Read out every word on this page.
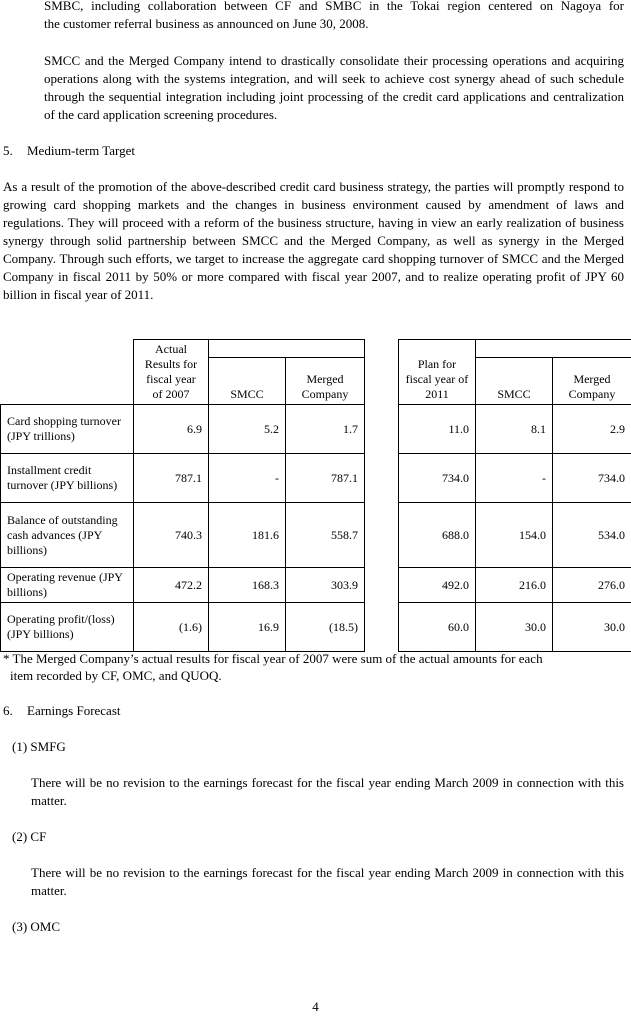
SMBC, including collaboration between CF and SMBC in the Tokai region centered on Nagoya for

the customer referral business as announced on June 30, 2008.

SMCC and the Merged Company intend to drastically consolidate their processing operations and acquiring operations along with the systems integration, and will seek to achieve cost synergy ahead of such schedule through the sequential integration including joint processing of the credit card applications and centralization of the card application screening procedures.

5. Medium-term Target

As a result of the promotion of the above-described credit card business strategy, the parties will promptly respond to growing card shopping markets and the changes in business environment caused by amendment of laws and regulations. They will proceed with a reform of the business structure, having in view an early realization of business synergy through solid partnership between SMCC and the Merged Company, as well as synergy in the Merged Company. Through such efforts, we target to increase the aggregate card shopping turnover of SMCC and the Merged Company in fiscal 2011 by 50% or more compared with fiscal year 2007, and to realize operating profit of JPY 60 billion in fiscal year of 2011.

	Actual Results for fiscal year of 2007				Plan for fiscal year of 2011		
		SMCC	Merged Company			SMCC	Merged Company
Card shopping turnover (JPY trillions)	6.9	5.2	1.7		11.0	8.1	2.9
Installment credit turnover (JPY billions)	787.1	-	787.1		734.0	-	734.0
Balance of outstanding cash advances (JPY billions)	740.3	181.6	558.7		688.0	154.0	534.0
Operating revenue (JPY billions)	472.2	168.3	303.9		492.0	216.0	276.0
Operating profit/(loss) (JPY billions)	(1.6)	16.9	(18.5)		60.0	30.0	30.0

* The Merged Company’s actual results for fiscal year of 2007 were sum of the actual amounts for each

item recorded by CF, OMC, and QUOQ.

6. Earnings Forecast

(1) SMFG

There will be no revision to the earnings forecast for the fiscal year ending March 2009 in connection with this matter.

(2) CF

There will be no revision to the earnings forecast for the fiscal year ending March 2009 in connection with this matter.

(3) OMC

4
